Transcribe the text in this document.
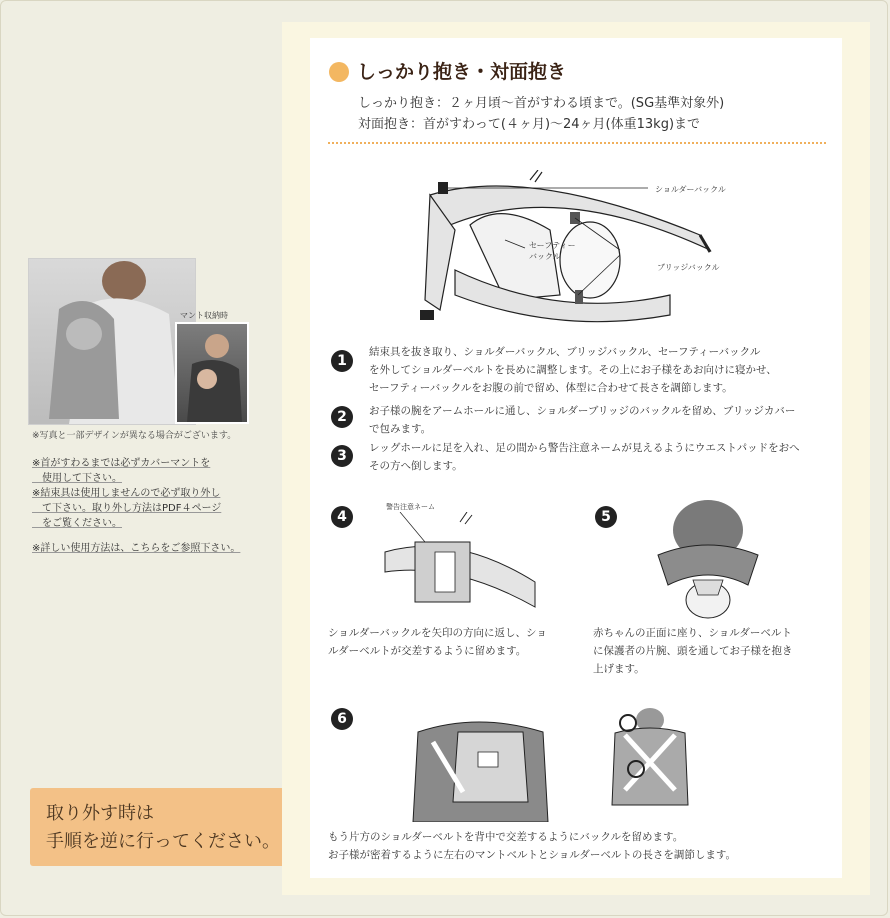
マント収納時
※写真と一部デザインが異なる場合がございます。
※首がすわるまでは必ずカバーマントを
　使用して下さい。
※結束具は使用しませんので必ず取り外し
　て下さい。取り外し方法はPDF４ページ
　をご覧ください。
※詳しい使用方法は、こちらをご参照下さい。
取り外す時は
手順を逆に行ってください。
しっかり抱き・対面抱き
しっかり抱き：２ヶ月頃〜首がすわる頃まで。(SG基準対象外)
対面抱き：首がすわって(４ヶ月)〜24ヶ月(体重13kg)まで
ショルダーバックル
セーフティー
バックル
ブリッジバックル
1
結束具を抜き取り、ショルダーバックル、ブリッジバックル、セーフティーバックル
を外してショルダーベルトを長めに調整します。その上にお子様をあお向けに寝かせ、
セーフティーバックルをお腹の前で留め、体型に合わせて長さを調節します。
2	お子様の腕をアームホールに通し、ショルダーブリッジのバックルを留め、ブリッジカバー
で包みます。
3	レッグホールに足を入れ、足の間から警告注意ネームが見えるようにウエストパッドをおへ
その方へ倒します。
4
警告注意ネーム
ショルダーバックルを矢印の方向に返し、ショ
ルダーベルトが交差するように留めます。
5
赤ちゃんの正面に座り、ショルダーベルト
に保護者の片腕、頭を通してお子様を抱き
上げます。
6
もう片方のショルダーベルトを背中で交差するようにバックルを留めます。
お子様が密着するように左右のマントベルトとショルダーベルトの長さを調節します。
